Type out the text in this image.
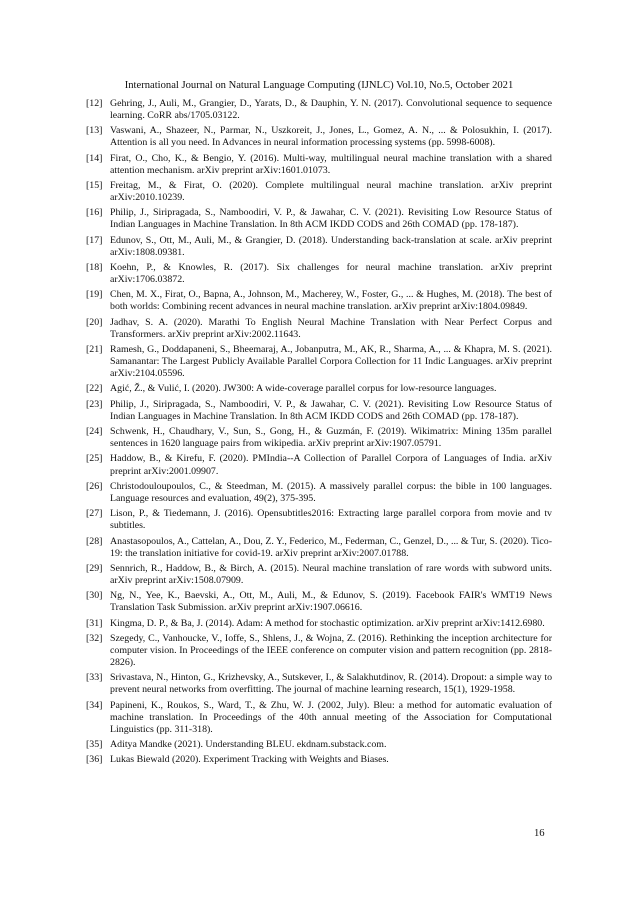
International Journal on Natural Language Computing (IJNLC) Vol.10, No.5, October 2021
[12] Gehring, J., Auli, M., Grangier, D., Yarats, D., & Dauphin, Y. N. (2017). Convolutional sequence to sequence learning. CoRR abs/1705.03122.
[13] Vaswani, A., Shazeer, N., Parmar, N., Uszkoreit, J., Jones, L., Gomez, A. N., ... & Polosukhin, I. (2017). Attention is all you need. In Advances in neural information processing systems (pp. 5998-6008).
[14] Firat, O., Cho, K., & Bengio, Y. (2016). Multi-way, multilingual neural machine translation with a shared attention mechanism. arXiv preprint arXiv:1601.01073.
[15] Freitag, M., & Firat, O. (2020). Complete multilingual neural machine translation. arXiv preprint arXiv:2010.10239.
[16] Philip, J., Siripragada, S., Namboodiri, V. P., & Jawahar, C. V. (2021). Revisiting Low Resource Status of Indian Languages in Machine Translation. In 8th ACM IKDD CODS and 26th COMAD (pp. 178-187).
[17] Edunov, S., Ott, M., Auli, M., & Grangier, D. (2018). Understanding back-translation at scale. arXiv preprint arXiv:1808.09381.
[18] Koehn, P., & Knowles, R. (2017). Six challenges for neural machine translation. arXiv preprint arXiv:1706.03872.
[19] Chen, M. X., Firat, O., Bapna, A., Johnson, M., Macherey, W., Foster, G., ... & Hughes, M. (2018). The best of both worlds: Combining recent advances in neural machine translation. arXiv preprint arXiv:1804.09849.
[20] Jadhav, S. A. (2020). Marathi To English Neural Machine Translation with Near Perfect Corpus and Transformers. arXiv preprint arXiv:2002.11643.
[21] Ramesh, G., Doddapaneni, S., Bheemaraj, A., Jobanputra, M., AK, R., Sharma, A., ... & Khapra, M. S. (2021). Samanantar: The Largest Publicly Available Parallel Corpora Collection for 11 Indic Languages. arXiv preprint arXiv:2104.05596.
[22] Agić, Ž., & Vulić, I. (2020). JW300: A wide-coverage parallel corpus for low-resource languages.
[23] Philip, J., Siripragada, S., Namboodiri, V. P., & Jawahar, C. V. (2021). Revisiting Low Resource Status of Indian Languages in Machine Translation. In 8th ACM IKDD CODS and 26th COMAD (pp. 178-187).
[24] Schwenk, H., Chaudhary, V., Sun, S., Gong, H., & Guzmán, F. (2019). Wikimatrix: Mining 135m parallel sentences in 1620 language pairs from wikipedia. arXiv preprint arXiv:1907.05791.
[25] Haddow, B., & Kirefu, F. (2020). PMIndia--A Collection of Parallel Corpora of Languages of India. arXiv preprint arXiv:2001.09907.
[26] Christodouloupoulos, C., & Steedman, M. (2015). A massively parallel corpus: the bible in 100 languages. Language resources and evaluation, 49(2), 375-395.
[27] Lison, P., & Tiedemann, J. (2016). Opensubtitles2016: Extracting large parallel corpora from movie and tv subtitles.
[28] Anastasopoulos, A., Cattelan, A., Dou, Z. Y., Federico, M., Federman, C., Genzel, D., ... & Tur, S. (2020). Tico-19: the translation initiative for covid-19. arXiv preprint arXiv:2007.01788.
[29] Sennrich, R., Haddow, B., & Birch, A. (2015). Neural machine translation of rare words with subword units. arXiv preprint arXiv:1508.07909.
[30] Ng, N., Yee, K., Baevski, A., Ott, M., Auli, M., & Edunov, S. (2019). Facebook FAIR's WMT19 News Translation Task Submission. arXiv preprint arXiv:1907.06616.
[31] Kingma, D. P., & Ba, J. (2014). Adam: A method for stochastic optimization. arXiv preprint arXiv:1412.6980.
[32] Szegedy, C., Vanhoucke, V., Ioffe, S., Shlens, J., & Wojna, Z. (2016). Rethinking the inception architecture for computer vision. In Proceedings of the IEEE conference on computer vision and pattern recognition (pp. 2818-2826).
[33] Srivastava, N., Hinton, G., Krizhevsky, A., Sutskever, I., & Salakhutdinov, R. (2014). Dropout: a simple way to prevent neural networks from overfitting. The journal of machine learning research, 15(1), 1929-1958.
[34] Papineni, K., Roukos, S., Ward, T., & Zhu, W. J. (2002, July). Bleu: a method for automatic evaluation of machine translation. In Proceedings of the 40th annual meeting of the Association for Computational Linguistics (pp. 311-318).
[35] Aditya Mandke (2021). Understanding BLEU. ekdnam.substack.com.
[36] Lukas Biewald (2020). Experiment Tracking with Weights and Biases.
16
